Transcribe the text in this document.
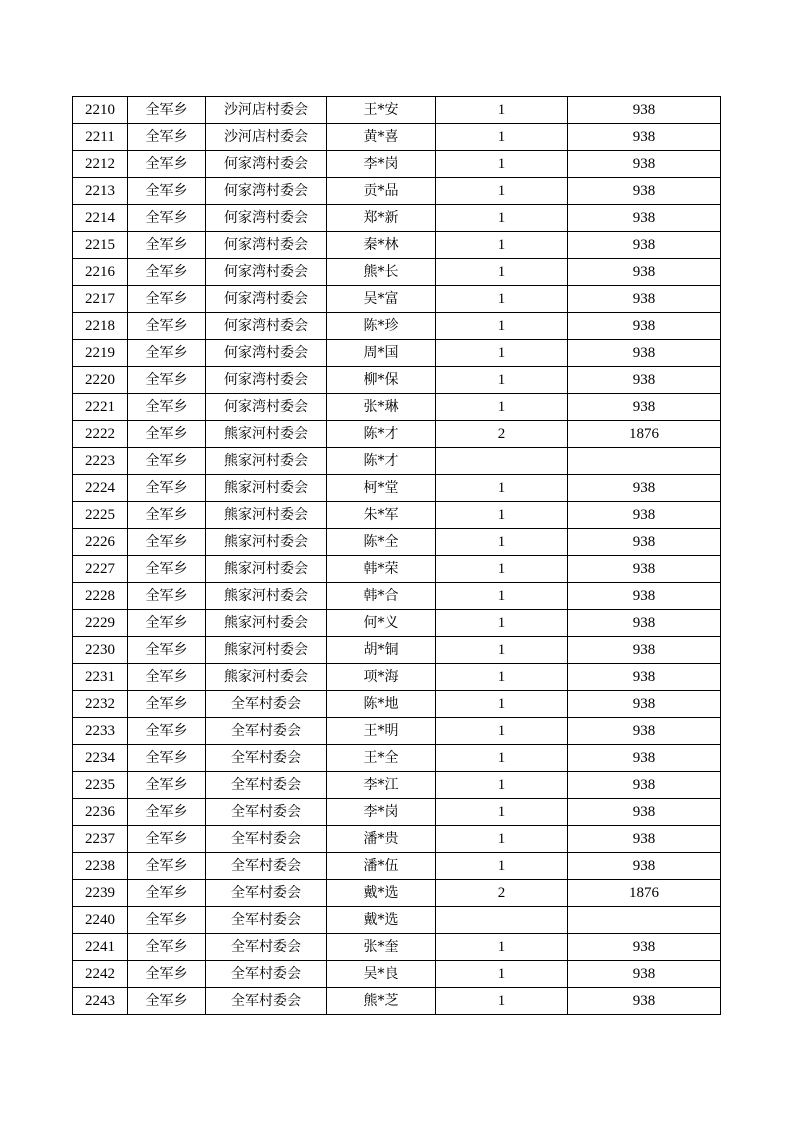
2210	全军乡	沙河店村委会	王*安	1	938
2211	全军乡	沙河店村委会	黄*喜	1	938
2212	全军乡	何家湾村委会	李*岗	1	938
2213	全军乡	何家湾村委会	贡*品	1	938
2214	全军乡	何家湾村委会	郑*新	1	938
2215	全军乡	何家湾村委会	秦*林	1	938
2216	全军乡	何家湾村委会	熊*长	1	938
2217	全军乡	何家湾村委会	吴*富	1	938
2218	全军乡	何家湾村委会	陈*珍	1	938
2219	全军乡	何家湾村委会	周*国	1	938
2220	全军乡	何家湾村委会	柳*保	1	938
2221	全军乡	何家湾村委会	张*琳	1	938
2222	全军乡	熊家河村委会	陈*才	2	1876
2223	全军乡	熊家河村委会	陈*才		
2224	全军乡	熊家河村委会	柯*堂	1	938
2225	全军乡	熊家河村委会	朱*军	1	938
2226	全军乡	熊家河村委会	陈*全	1	938
2227	全军乡	熊家河村委会	韩*荣	1	938
2228	全军乡	熊家河村委会	韩*合	1	938
2229	全军乡	熊家河村委会	何*义	1	938
2230	全军乡	熊家河村委会	胡*铜	1	938
2231	全军乡	熊家河村委会	项*海	1	938
2232	全军乡	全军村委会	陈*地	1	938
2233	全军乡	全军村委会	王*明	1	938
2234	全军乡	全军村委会	王*全	1	938
2235	全军乡	全军村委会	李*江	1	938
2236	全军乡	全军村委会	李*岗	1	938
2237	全军乡	全军村委会	潘*贵	1	938
2238	全军乡	全军村委会	潘*伍	1	938
2239	全军乡	全军村委会	戴*选	2	1876
2240	全军乡	全军村委会	戴*选		
2241	全军乡	全军村委会	张*奎	1	938
2242	全军乡	全军村委会	吴*良	1	938
2243	全军乡	全军村委会	熊*芝	1	938
